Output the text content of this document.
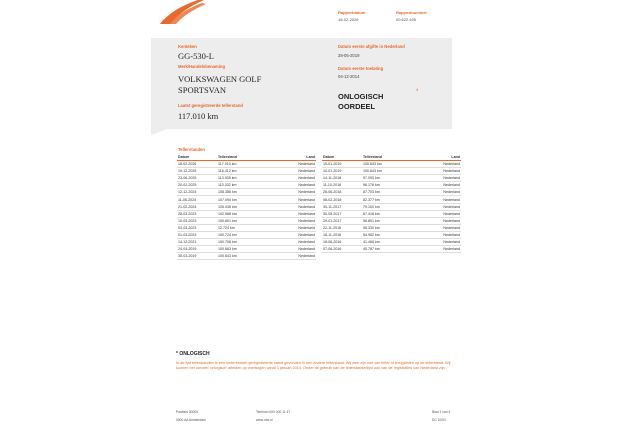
Rapportdatum
18-02-2026
Rapportnummer
00.622.405
Kenteken
GG-530-L
Merk/Handelsbenaming
VOLKSWAGEN GOLF
SPORTSVAN
Laatst geregistreerde tellerstand
117.010 km
Datum eerste afgifte in Nederland
28-05-2019
Datum eerste toelating
04-12-2014
ONLOGISCH
OORDEEL
*
Tellerstanden
Datum	Tellerstand	Land
18-02-2026	117.010 km	Nederland
19-12-2025	116.412 km	Nederland
23-06-2025	113.935 km	Nederland
20-02-2025	110.332 km	Nederland
12-12-2024	108.388 km	Nederland
11-06-2024	107.094 km	Nederland
21-02-2024	105.436 km	Nederland
28-03-2023	102.568 km	Nederland
10-03-2023	100.801 km	Nederland
03-03-2023	12.724 km	Nederland
01-03-2023	100.724 km	Nederland
14-12-2021	100.708 km	Nederland
24-04-2019	100.663 km	Nederland
30-03-2019	100.643 km	Nederland
Datum	Tellerstand	Land
19-01-2019	100.643 km	Nederland
10-01-2019	100.643 km	Nederland
14-11-2018	97.090 km	Nederland
11-10-2018	96.176 km	Nederland
26-06-2018	87.703 km	Nederland
08-02-2018	82.377 km	Nederland
30-11-2017	79.100 km	Nederland
30-05-2017	67.418 km	Nederland
29-01-2017	56.801 km	Nederland
22-11-2016	55.330 km	Nederland
18-11-2016	54.962 km	Nederland
16-06-2016	41.468 km	Nederland
07-06-2016	40.787 km	Nederland
* ONLOGISCH
In de lijst tellerstanden is een onderbroken geregistreerde stand gevonden in een andere tellerstand. Wij zien zijn niet van teller of terugzetten op de tellerstand. Wij kunnen het oordeel 'onlogisch' afleiden op voertuigen vanaf 1 januari 2014. Onder dit gebruik kan de tellerstandenlijst ook van de registraties van Nederland zijn.
Postbus 00000
0000 AA Amsterdam
Telefoon 000 000 11 47
www.rdw.nl
Blad 1 van 4
DC 10/00
